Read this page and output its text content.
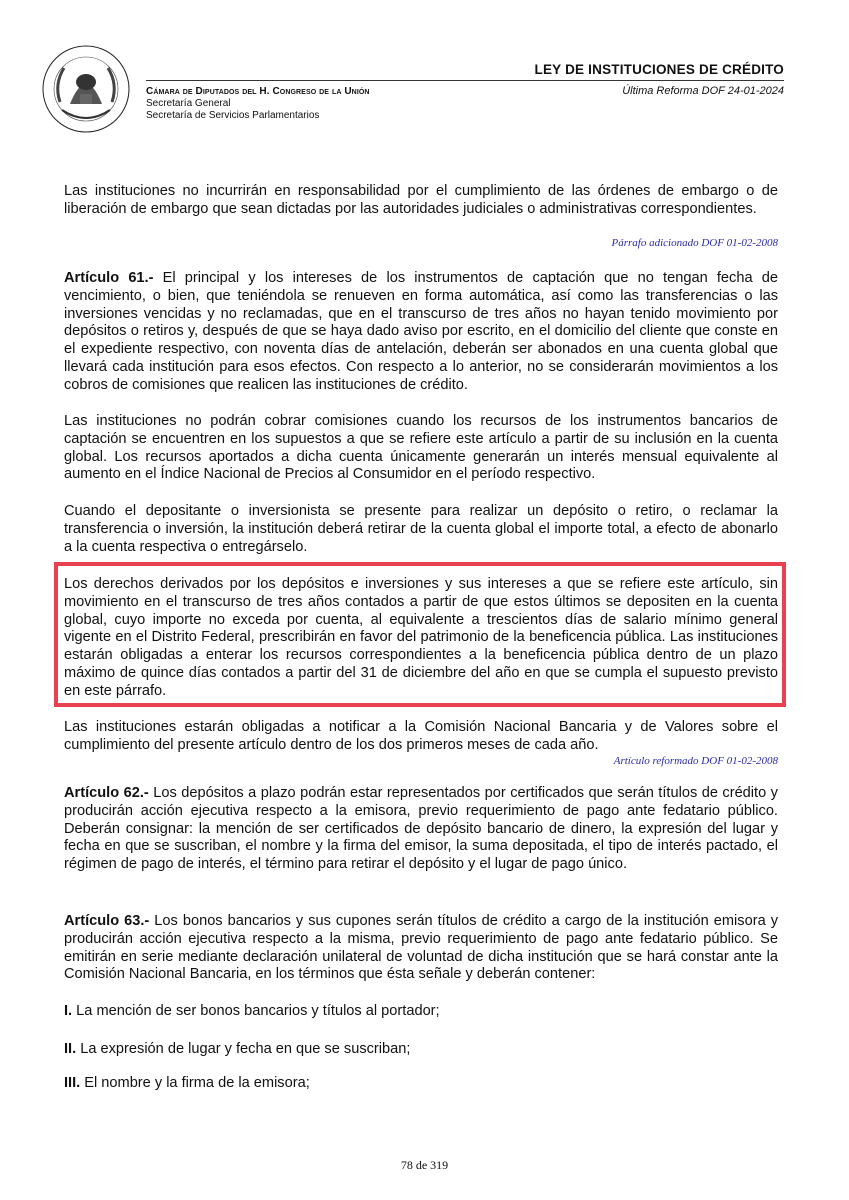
LEY DE INSTITUCIONES DE CRÉDITO
Última Reforma DOF 24-01-2024
Cámara de Diputados del H. Congreso de la Unión
Secretaría General
Secretaría de Servicios Parlamentarios

Las instituciones no incurrirán en responsabilidad por el cumplimiento de las órdenes de embargo o de liberación de embargo que sean dictadas por las autoridades judiciales o administrativas correspondientes.

Párrafo adicionado DOF 01-02-2008

Artículo 61.- El principal y los intereses de los instrumentos de captación que no tengan fecha de vencimiento, o bien, que teniéndola se renueven en forma automática, así como las transferencias o las inversiones vencidas y no reclamadas, que en el transcurso de tres años no hayan tenido movimiento por depósitos o retiros y, después de que se haya dado aviso por escrito, en el domicilio del cliente que conste en el expediente respectivo, con noventa días de antelación, deberán ser abonados en una cuenta global que llevará cada institución para esos efectos. Con respecto a lo anterior, no se considerarán movimientos a los cobros de comisiones que realicen las instituciones de crédito.

Las instituciones no podrán cobrar comisiones cuando los recursos de los instrumentos bancarios de captación se encuentren en los supuestos a que se refiere este artículo a partir de su inclusión en la cuenta global. Los recursos aportados a dicha cuenta únicamente generarán un interés mensual equivalente al aumento en el Índice Nacional de Precios al Consumidor en el período respectivo.

Cuando el depositante o inversionista se presente para realizar un depósito o retiro, o reclamar la transferencia o inversión, la institución deberá retirar de la cuenta global el importe total, a efecto de abonarlo a la cuenta respectiva o entregárselo.

Los derechos derivados por los depósitos e inversiones y sus intereses a que se refiere este artículo, sin movimiento en el transcurso de tres años contados a partir de que estos últimos se depositen en la cuenta global, cuyo importe no exceda por cuenta, al equivalente a trescientos días de salario mínimo general vigente en el Distrito Federal, prescribirán en favor del patrimonio de la beneficencia pública. Las instituciones estarán obligadas a enterar los recursos correspondientes a la beneficencia pública dentro de un plazo máximo de quince días contados a partir del 31 de diciembre del año en que se cumpla el supuesto previsto en este párrafo.

Las instituciones estarán obligadas a notificar a la Comisión Nacional Bancaria y de Valores sobre el cumplimiento del presente artículo dentro de los dos primeros meses de cada año.

Artículo reformado DOF 01-02-2008

Artículo 62.- Los depósitos a plazo podrán estar representados por certificados que serán títulos de crédito y producirán acción ejecutiva respecto a la emisora, previo requerimiento de pago ante fedatario público. Deberán consignar: la mención de ser certificados de depósito bancario de dinero, la expresión del lugar y fecha en que se suscriban, el nombre y la firma del emisor, la suma depositada, el tipo de interés pactado, el régimen de pago de interés, el término para retirar el depósito y el lugar de pago único.

Artículo 63.- Los bonos bancarios y sus cupones serán títulos de crédito a cargo de la institución emisora y producirán acción ejecutiva respecto a la misma, previo requerimiento de pago ante fedatario público. Se emitirán en serie mediante declaración unilateral de voluntad de dicha institución que se hará constar ante la Comisión Nacional Bancaria, en los términos que ésta señale y deberán contener:

I. La mención de ser bonos bancarios y títulos al portador;
II. La expresión de lugar y fecha en que se suscriban;
III. El nombre y la firma de la emisora;
78 de 319
